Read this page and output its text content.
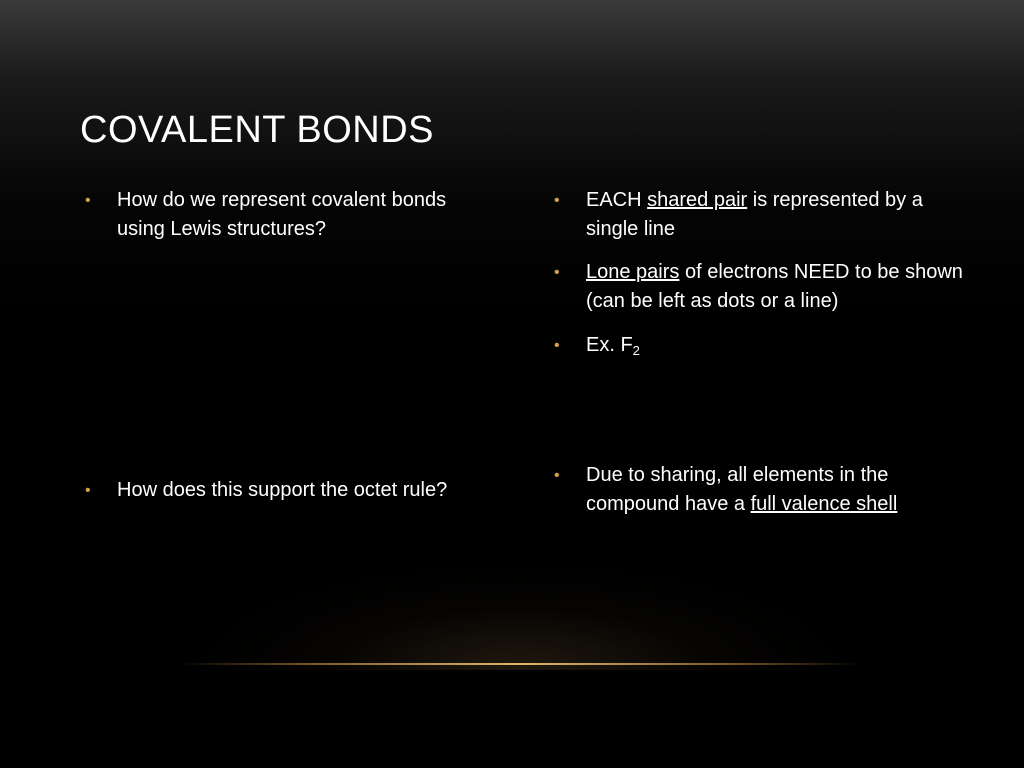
COVALENT BONDS
• How do we represent covalent bonds using Lewis structures?
• How does this support the octet rule?
• EACH shared pair is represented by a single line
• Lone pairs of electrons NEED to be shown (can be left as dots or a line)
• Ex. $F_2$
• Due to sharing, all elements in the compound have a full valence shell
